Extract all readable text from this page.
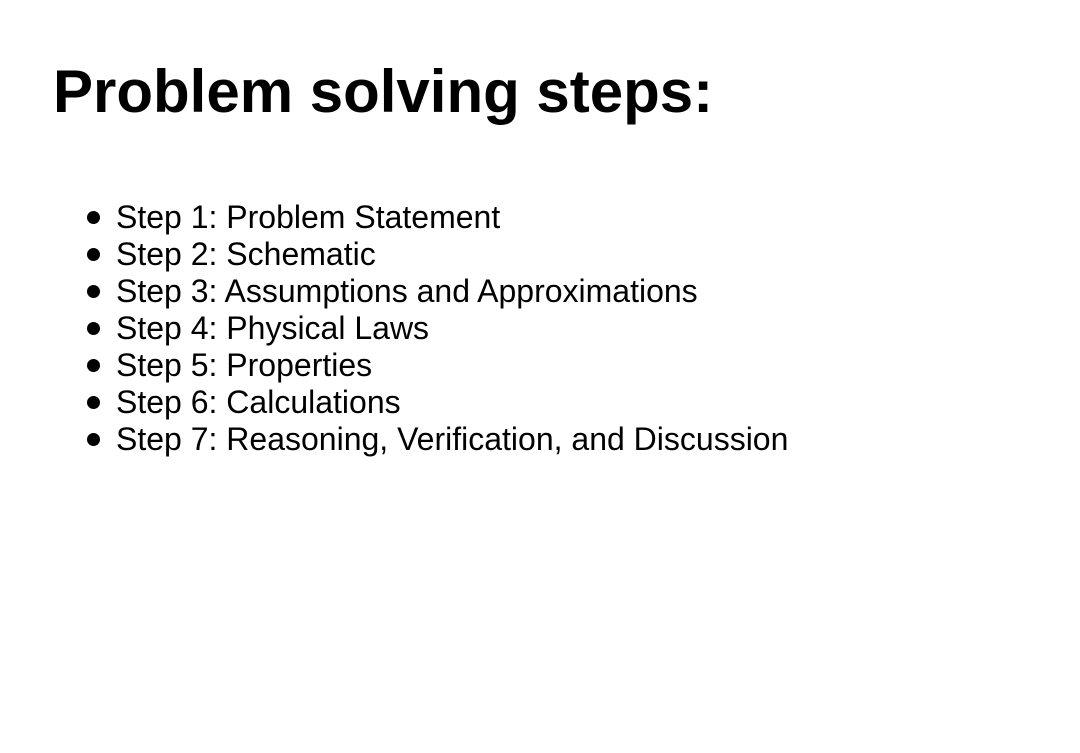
Problem solving steps:
Step 1: Problem Statement
Step 2: Schematic
Step 3: Assumptions and Approximations
Step 4: Physical Laws
Step 5: Properties
Step 6: Calculations
Step 7: Reasoning, Verification, and Discussion
